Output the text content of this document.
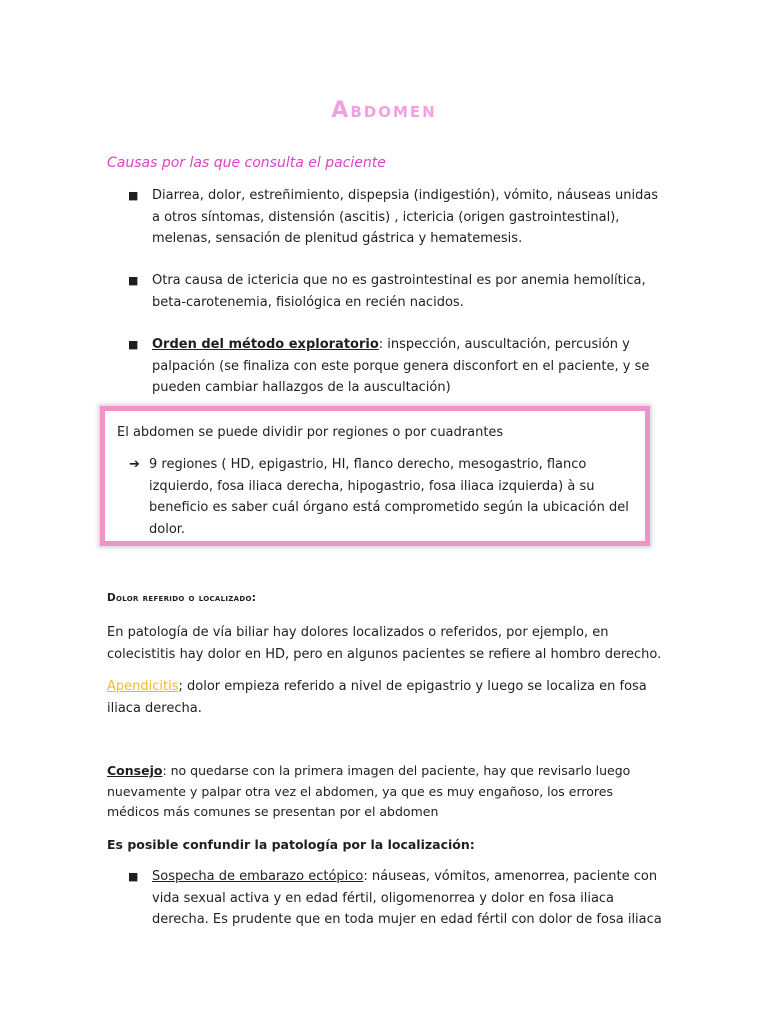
Abdomen
Causas por las que consulta el paciente
■ Diarrea, dolor, estreñimiento, dispepsia (indigestión), vómito, náuseas unidas a otros síntomas, distensión (ascitis) , ictericia (origen gastrointestinal), melenas, sensación de plenitud gástrica y hematemesis.
■ Otra causa de ictericia que no es gastrointestinal es por anemia hemolítica, beta-carotenemia, fisiológica en recién nacidos.
■ Orden del método exploratorio: inspección, auscultación, percusión y palpación (se finaliza con este porque genera disconfort en el paciente, y se pueden cambiar hallazgos de la auscultación)
El abdomen se puede dividir por regiones o por cuadrantes
➔ 9 regiones ( HD, epigastrio, HI, flanco derecho, mesogastrio, flanco izquierdo, fosa iliaca derecha, hipogastrio, fosa iliaca izquierda) à su beneficio es saber cuál órgano está comprometido según la ubicación del dolor.
Dolor referido o localizado:
En patología de vía biliar hay dolores localizados o referidos, por ejemplo, en colecistitis hay dolor en HD, pero en algunos pacientes se refiere al hombro derecho.
Apendicitis; dolor empieza referido a nivel de epigastrio y luego se localiza en fosa iliaca derecha.
Consejo: no quedarse con la primera imagen del paciente, hay que revisarlo luego nuevamente y palpar otra vez el abdomen, ya que es muy engañoso, los errores médicos más comunes se presentan por el abdomen
Es posible confundir la patología por la localización:
■ Sospecha de embarazo ectópico: náuseas, vómitos, amenorrea, paciente con vida sexual activa y en edad fértil, oligomenorrea y dolor en fosa iliaca derecha. Es prudente que en toda mujer en edad fértil con dolor de fosa iliaca
